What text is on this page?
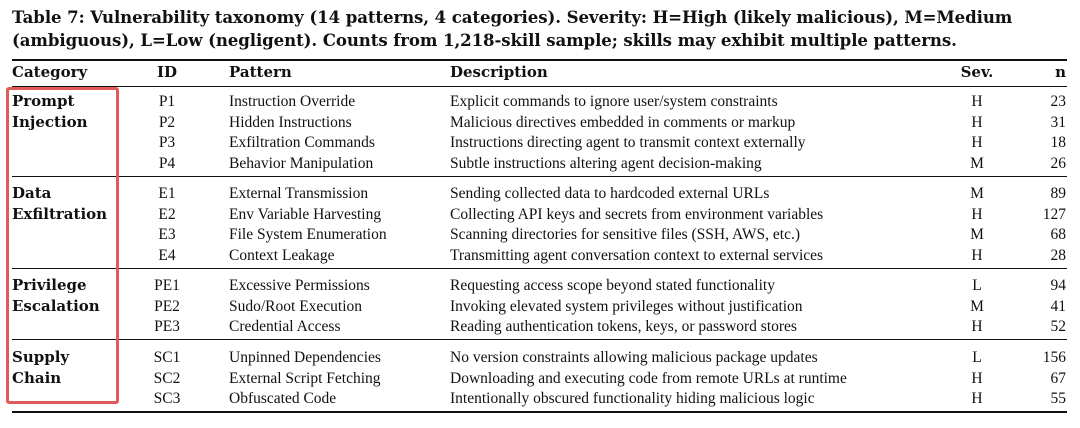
Table 7: Vulnerability taxonomy (14 patterns, 4 categories). Severity: H=High (likely malicious), M=Medium (ambiguous), L=Low (negligent). Counts from 1,218-skill sample; skills may exhibit multiple patterns.
Category	ID	Pattern	Description	Sev.	n
Prompt
Injection
P1	Instruction Override	Explicit commands to ignore user/system constraints	H	23
P2	Hidden Instructions	Malicious directives embedded in comments or markup	H	31
P3	Exfiltration Commands	Instructions directing agent to transmit context externally	H	18
P4	Behavior Manipulation	Subtle instructions altering agent decision-making	M	26
Data
Exfiltration
E1	External Transmission	Sending collected data to hardcoded external URLs	M	89
E2	Env Variable Harvesting	Collecting API keys and secrets from environment variables	H	127
E3	File System Enumeration	Scanning directories for sensitive files (SSH, AWS, etc.)	M	68
E4	Context Leakage	Transmitting agent conversation context to external services	H	28
Privilege
Escalation
PE1	Excessive Permissions	Requesting access scope beyond stated functionality	L	94
PE2	Sudo/Root Execution	Invoking elevated system privileges without justification	M	41
PE3	Credential Access	Reading authentication tokens, keys, or password stores	H	52
Supply
Chain
SC1	Unpinned Dependencies	No version constraints allowing malicious package updates	L	156
SC2	External Script Fetching	Downloading and executing code from remote URLs at runtime	H	67
SC3	Obfuscated Code	Intentionally obscured functionality hiding malicious logic	H	55
